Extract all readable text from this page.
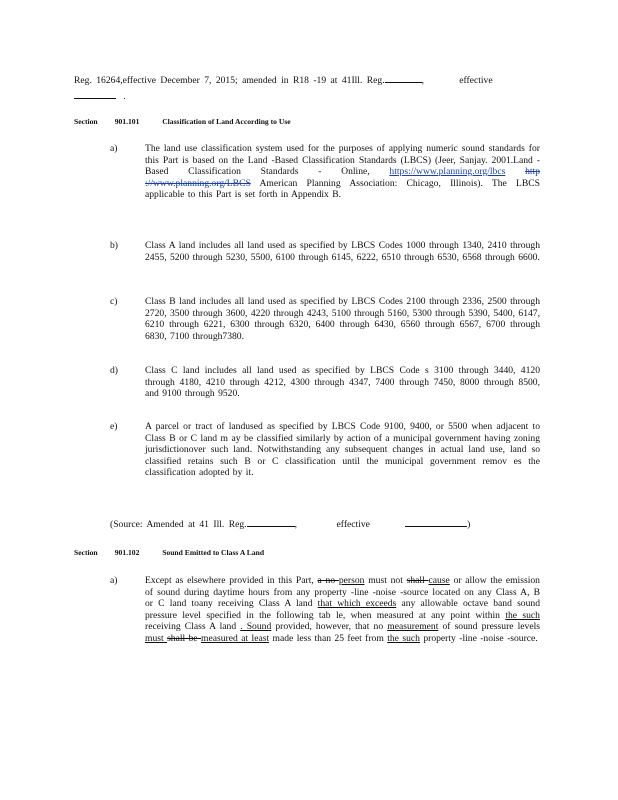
Reg. 16264,effective December 7, 2015; amended in R18 -19 at 41Ill. Reg.	,        effective
.
Section 901.101	Classification of Land According to Use
a)	The land use classification system used for the purposes of applying numeric sound standards for this Part is based on the Land -Based Classification Standards (LBCS) (Jeer, Sanjay. 2001.Land -Based Classification Standards - Online, https://www.planning.org/lbcs http ://www.planning.org/LBCS American Planning Association: Chicago, Illinois). The LBCS applicable to this Part is set forth in Appendix B.
b)	Class A land includes all land used as specified by LBCS Codes 1000 through 1340, 2410 through 2455, 5200 through 5230, 5500, 6100 through 6145, 6222, 6510 through 6530, 6568 through 6600.
c)	Class B land includes all land used as specified by LBCS Codes 2100 through 2336, 2500 through 2720, 3500 through 3600, 4220 through 4243, 5100 through 5160, 5300 through 5390, 5400, 6147, 6210 through 6221, 6300 through 6320, 6400 through 6430, 6560 through 6567, 6700 through 6830, 7100 through7380.
d)	Class C land includes all land used as specified by LBCS Code s 3100 through 3440, 4120 through 4180, 4210 through 4212, 4300 through 4347, 7400 through 7450, 8000 through 8500, and 9100 through 9520.
e)	A parcel or tract of landused as specified by LBCS Code 9100, 9400, or 5500 when adjacent to Class B or C land m ay be classified similarly by action of a municipal government having zoning jurisdictionover such land. Notwithstanding any subsequent changes in actual land use, land so classified retains such B or C classification until the municipal government remov es the classification adopted by it.
(Source: Amended at 41 Ill. Reg.	,         effective	)
Section 901.102	Sound Emitted to Class A Land
a)	Except as elsewhere provided in this Part, a no person must not shall cause or allow the emission of sound during daytime hours from any property -line -noise -source located on any Class A, B or C land toany receiving Class A land that which exceeds any allowable octave band sound pressure level specified in the following tab le, when measured at any point within the such receiving Class A land . Sound provided, however, that no measurement of sound pressure levels must shall be measured at least made less than 25 feet from the such property -line -noise -source.
